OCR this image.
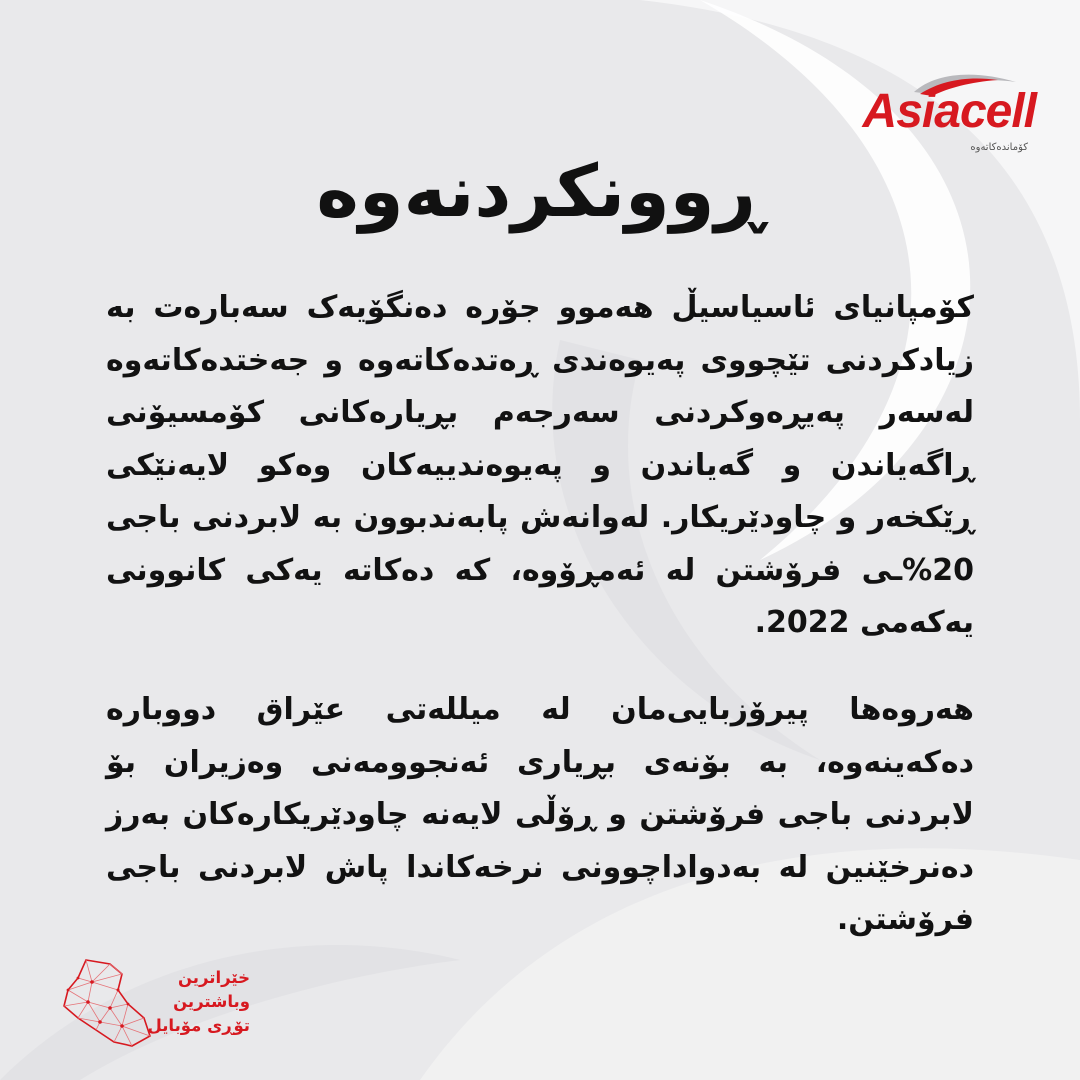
Asiacell
کۆماندەکاتەوە
ڕوونکردنەوە

کۆمپانیای ئاسیاسیڵ هەموو جۆرە دەنگۆیەک سەبارەت بە زیادکردنی تێچووی پەیوەندی ڕەتدەکاتەوە و جەختدەکاتەوە لەسەر پەیڕەوکردنی سەرجەم بڕیارەکانی کۆمسیۆنی ڕاگەیاندن و گەیاندن و پەیوەندییەکان وەکو لایەنێکی ڕێکخەر و چاودێریکار. لەوانەش پابەندبوون بە لابردنی باجی 20%ـی فرۆشتن لە ئەمڕۆوە، کە دەکاتە یەکی کانوونی یەکەمی 2022.

هەروەها پیرۆزبایی‌مان لە میللەتی عێراق دووبارە دەکەینەوە، بە بۆنەی بڕیاری ئەنجوومەنی وەزیران بۆ لابردنی باجی فرۆشتن و ڕۆڵی لایەنە چاودێریکارەکان بەرز دەنرخێنین لە بەدواداچوونی نرخەکاندا پاش لابردنی باجی فرۆشتن.

خێراترین
وباشترین
تۆڕی مۆبایل
